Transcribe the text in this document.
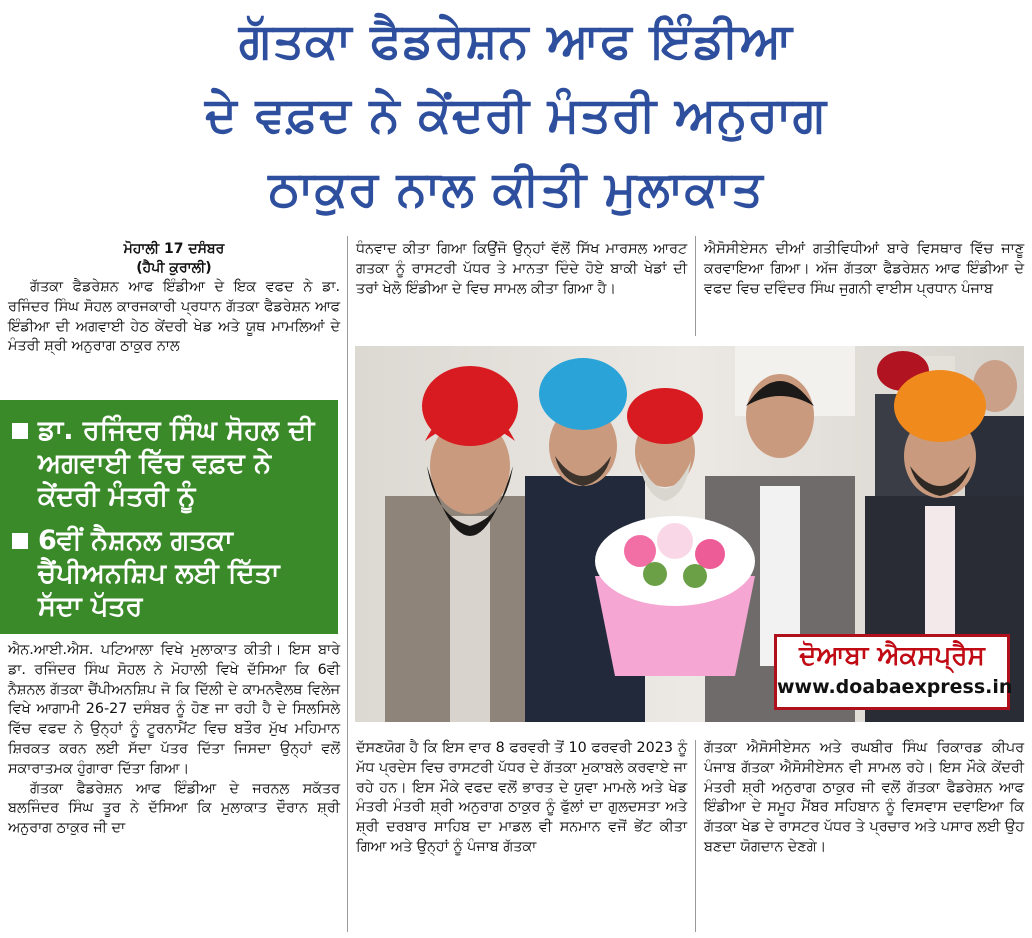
ਗੱਤਕਾ ਫੈਡਰੇਸ਼ਨ ਆਫ ਇੰਡੀਆ
ਦੇ ਵਫ਼ਦ ਨੇ ਕੇਂਦਰੀ ਮੰਤਰੀ ਅਨੁਰਾਗ
ਠਾਕੁਰ ਨਾਲ ਕੀਤੀ ਮੁਲਾਕਾਤ
ਮੋਹਾਲੀ 17 ਦਸੰਬਰ
(ਹੈਪੀ ਕੁਰਾਲੀ)

ਗੱਤਕਾ ਫੈਡਰੇਸ਼ਨ ਆਫ ਇੰਡੀਆ ਦੇ ਇਕ ਵਫਦ ਨੇ ਡਾ. ਰਜਿੰਦਰ ਸਿੰਘ ਸੋਹਲ ਕਾਰਜਕਾਰੀ ਪ੍ਰਧਾਨ ਗੱਤਕਾ ਫੈਡਰੇਸ਼ਨ ਆਫ ਇੰਡੀਆ ਦੀ ਅਗਵਾਈ ਹੇਠ ਕੇਂਦਰੀ ਖੇਡ ਅਤੇ ਯੂਥ ਮਾਮਲਿਆਂ ਦੇ ਮੰਤਰੀ ਸ਼੍ਰੀ ਅਨੁਰਾਗ ਠਾਕੁਰ ਨਾਲ

ਡਾ. ਰਜਿੰਦਰ ਸਿੰਘ ਸੋਹਲ ਦੀ ਅਗਵਾਈ ਵਿੱਚ ਵਫ਼ਦ ਨੇ ਕੇਂਦਰੀ ਮੰਤਰੀ ਨੂੰ
6ਵੀਂ ਨੈਸ਼ਨਲ ਗਤਕਾ ਚੈਂਪੀਅਨਸ਼ਿਪ ਲਈ ਦਿੱਤਾ ਸੱਦਾ ਪੱਤਰ

ਐਨ.ਆਈ.ਐਸ. ਪਟਿਆਲਾ ਵਿਖੇ ਮੁਲਾਕਾਤ ਕੀਤੀ। ਇਸ ਬਾਰੇ ਡਾ. ਰਜਿੰਦਰ ਸਿੰਘ ਸੋਹਲ ਨੇ ਮੋਹਾਲੀ ਵਿਖੇ ਦੱਸਿਆ ਕਿ 6ਵੀ ਨੈਸ਼ਨਲ ਗੱਤਕਾ ਚੈਂਪੀਅਨਸ਼ਿਪ ਜੋ ਕਿ ਦਿੱਲੀ ਦੇ ਕਾਮਨਵੈਲਥ ਵਿਲੇਜ ਵਿਖੇ ਆਗਾਮੀ 26-27 ਦਸੰਬਰ ਨੂੰ ਹੋਣ ਜਾ ਰਹੀ ਹੈ ਦੇ ਸਿਲਸਿਲੇ ਵਿੱਚ ਵਫਦ ਨੇ ਉਨ੍ਹਾਂ ਨੂੰ ਟੂਰਨਾਮੈਂਟ ਵਿਚ ਬਤੌਰ ਮੁੱਖ ਮਹਿਮਾਨ ਸ਼ਿਰਕਤ ਕਰਨ ਲਈ ਸੱਦਾ ਪੱਤਰ ਦਿੱਤਾ ਜਿਸਦਾ ਉਨ੍ਹਾਂ ਵਲੋਂ ਸਕਾਰਾਤਮਕ ਹੁੰਗਾਰਾ ਦਿੱਤਾ ਗਿਆ।

ਗੱਤਕਾ ਫੈਡਰੇਸ਼ਨ ਆਫ ਇੰਡੀਆ ਦੇ ਜਰਨਲ ਸਕੱਤਰ ਬਲਜਿੰਦਰ ਸਿੰਘ ਤੂਰ ਨੇ ਦੱਸਿਆ ਕਿ ਮੁਲਾਕਾਤ ਦੌਰਾਨ ਸ਼੍ਰੀ ਅਨੁਰਾਗ ਠਾਕੁਰ ਜੀ ਦਾ

ਧੰਨਵਾਦ ਕੀਤਾ ਗਿਆ ਕਿਉਂਜੋ ਉਨ੍ਹਾਂ ਵੱਲੋਂ ਸਿੱਖ ਮਾਰਸਲ ਆਰਟ ਗਤਕਾ ਨੂੰ ਰਾਸਟਰੀ ਪੱਧਰ ਤੇ ਮਾਨਤਾ ਦਿੰਦੇ ਹੋਏ ਬਾਕੀ ਖੇਡਾਂ ਦੀ ਤਰਾਂ ਖੇਲੋ ਇੰਡੀਆ ਦੇ ਵਿਚ ਸਾਮਲ ਕੀਤਾ ਗਿਆ ਹੈ।

ਐਸੋਸੀਏਸਨ ਦੀਆਂ ਗਤੀਵਿਧੀਆਂ ਬਾਰੇ ਵਿਸਥਾਰ ਵਿੱਚ ਜਾਣੂ ਕਰਵਾਇਆ ਗਿਆ। ਅੱਜ ਗੱਤਕਾ ਫੈਡਰੇਸ਼ਨ ਆਫ ਇੰਡੀਆ ਦੇ ਵਫਦ ਵਿਚ ਦਵਿੰਦਰ ਸਿੰਘ ਜੁਗਨੀ ਵਾਈਸ ਪ੍ਰਧਾਨ ਪੰਜਾਬ

ਦੋਆਬਾ ਐਕਸਪ੍ਰੈਸ
www.doabaexpress.in

ਦੱਸਣਯੋਗ ਹੈ ਕਿ ਇਸ ਵਾਰ 8 ਫਰਵਰੀ ਤੋਂ 10 ਫਰਵਰੀ 2023 ਨੂੰ ਮੱਧ ਪ੍ਰਦੇਸ ਵਿਚ ਰਾਸਟਰੀ ਪੱਧਰ ਦੇ ਗੱਤਕਾ ਮੁਕਾਬਲੇ ਕਰਵਾਏ ਜਾ ਰਹੇ ਹਨ। ਇਸ ਮੌਕੇ ਵਫਦ ਵਲੋਂ ਭਾਰਤ ਦੇ ਯੁਵਾ ਮਾਮਲੇ ਅਤੇ ਖੇਡ ਮੰਤਰੀ ਮੰਤਰੀ ਸ਼੍ਰੀ ਅਨੁਰਾਗ ਠਾਕੁਰ ਨੂੰ ਫੁੱਲਾਂ ਦਾ ਗੁਲਦਸਤਾ ਅਤੇ ਸ਼੍ਰੀ ਦਰਬਾਰ ਸਾਹਿਬ ਦਾ ਮਾਡਲ ਵੀ ਸਨਮਾਨ ਵਜੋਂ ਭੇਂਟ ਕੀਤਾ ਗਿਆ ਅਤੇ ਉਨ੍ਹਾਂ ਨੂੰ ਪੰਜਾਬ ਗੱਤਕਾ

ਗੱਤਕਾ ਐਸੋਸੀਏਸਨ ਅਤੇ ਰਘਬੀਰ ਸਿੰਘ ਰਿਕਾਰਡ ਕੀਪਰ ਪੰਜਾਬ ਗੱਤਕਾ ਐਸੋਸੀਏਸਨ ਵੀ ਸਾਮਲ ਰਹੇ। ਇਸ ਮੌਕੇ ਕੇਂਦਰੀ ਮੰਤਰੀ ਸ਼੍ਰੀ ਅਨੁਰਾਗ ਠਾਕੁਰ ਜੀ ਵਲੋਂ ਗੱਤਕਾ ਫੈਡਰੇਸ਼ਨ ਆਫ ਇੰਡੀਆ ਦੇ ਸਮੂਹ ਮੈਂਬਰ ਸਹਿਬਾਨ ਨੂੰ ਵਿਸਵਾਸ ਦਵਾਇਆ ਕਿ ਗੱਤਕਾ ਖੇਡ ਦੇ ਰਾਸਟਰ ਪੱਧਰ ਤੇ ਪ੍ਰਚਾਰ ਅਤੇ ਪਸਾਰ ਲਈ ਉਹ ਬਣਦਾ ਯੋਗਦਾਨ ਦੇਣਗੇ।
